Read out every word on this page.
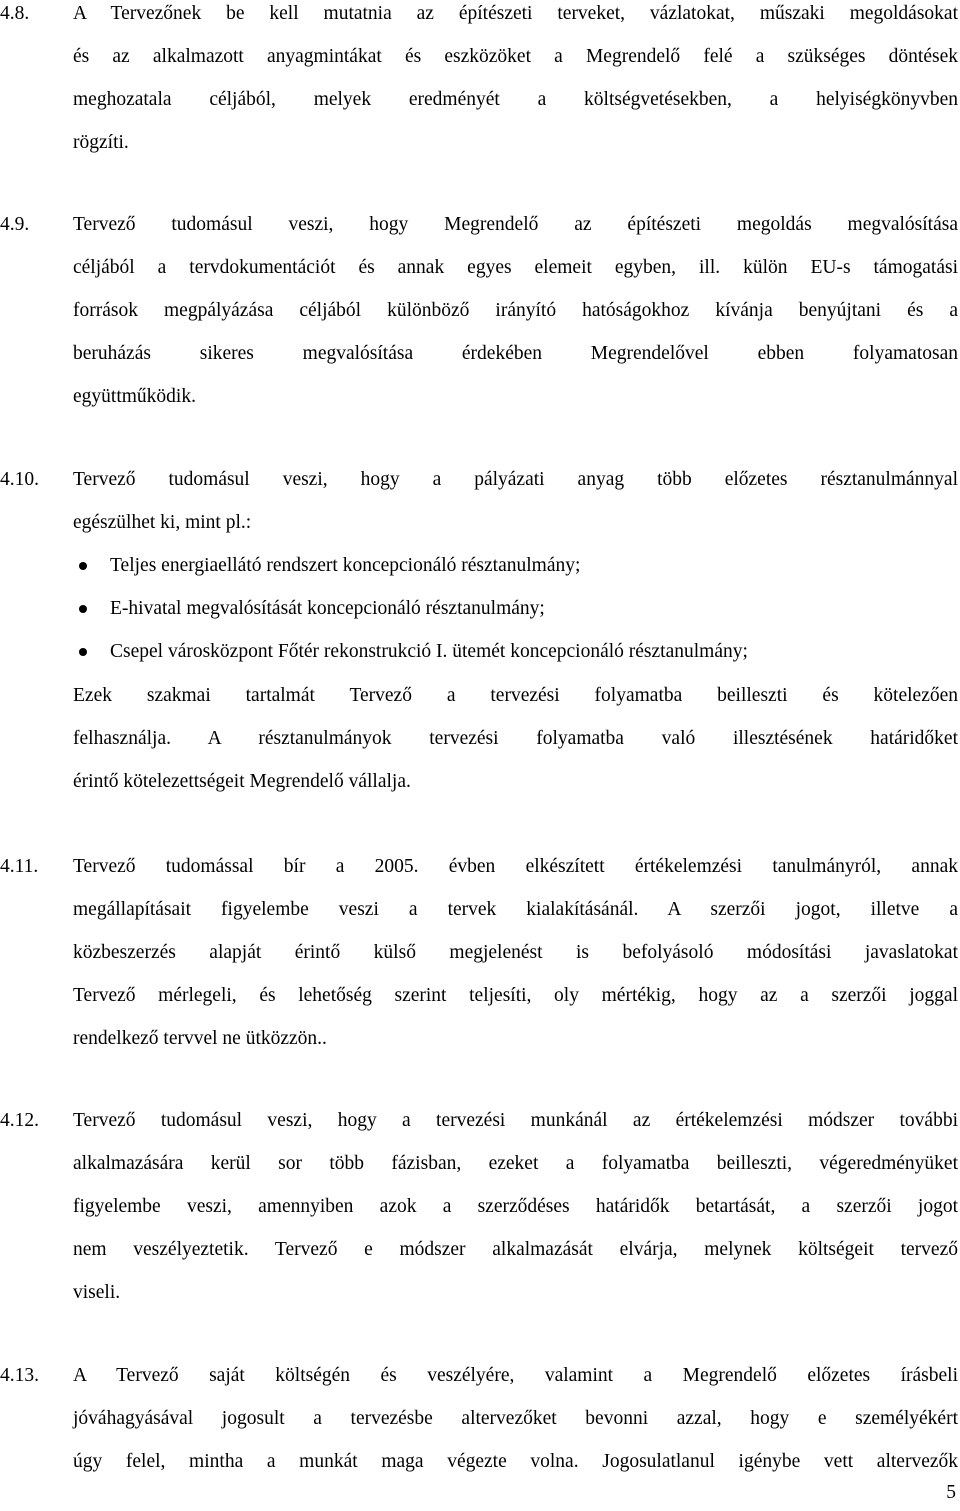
4.8. A Tervezőnek be kell mutatnia az építészeti terveket, vázlatokat, műszaki megoldásokat
és az alkalmazott anyagmintákat és eszközöket a Megrendelő felé a szükséges döntések
meghozatala céljából, melyek eredményét a költségvetésekben, a helyiségkönyvben
rögzíti.
4.9. Tervező tudomásul veszi, hogy Megrendelő az építészeti megoldás megvalósítása
céljából a tervdokumentációt és annak egyes elemeit egyben, ill. külön EU-s támogatási
források megpályázása céljából különböző irányító hatóságokhoz kívánja benyújtani és a
beruházás sikeres megvalósítása érdekében Megrendelővel ebben folyamatosan
együttműködik.
4.10. Tervező tudomásul veszi, hogy a pályázati anyag több előzetes résztanulmánnyal
egészülhet ki, mint pl.:
Teljes energiaellátó rendszert koncepcionáló résztanulmány;
E-hivatal megvalósítását koncepcionáló résztanulmány;
Csepel városközpont Főtér rekonstrukció I. ütemét koncepcionáló résztanulmány;
Ezek szakmai tartalmát Tervező a tervezési folyamatba beilleszti és kötelezően
felhasználja. A résztanulmányok tervezési folyamatba való illesztésének határidőket
érintő kötelezettségeit Megrendelő vállalja.
4.11. Tervező tudomással bír a 2005. évben elkészített értékelemzési tanulmányról, annak
megállapításait figyelembe veszi a tervek kialakításánál. A szerzői jogot, illetve a
közbeszerzés alapját érintő külső megjelenést is befolyásoló módosítási javaslatokat
Tervező mérlegeli, és lehetőség szerint teljesíti, oly mértékig, hogy az a szerzői joggal
rendelkező tervvel ne ütközzön..
4.12. Tervező tudomásul veszi, hogy a tervezési munkánál az értékelemzési módszer további
alkalmazására kerül sor több fázisban, ezeket a folyamatba beilleszti, végeredményüket
figyelembe veszi, amennyiben azok a szerződéses határidők betartását, a szerzői jogot
nem veszélyeztetik. Tervező e módszer alkalmazását elvárja, melynek költségeit tervező
viseli.
4.13. A Tervező saját költségén és veszélyére, valamint a Megrendelő előzetes írásbeli
jóváhagyásával jogosult a tervezésbe altervezőket bevonni azzal, hogy e személyékért
úgy felel, mintha a munkát maga végezte volna. Jogosulatlanul igénybe vett altervezők
5
